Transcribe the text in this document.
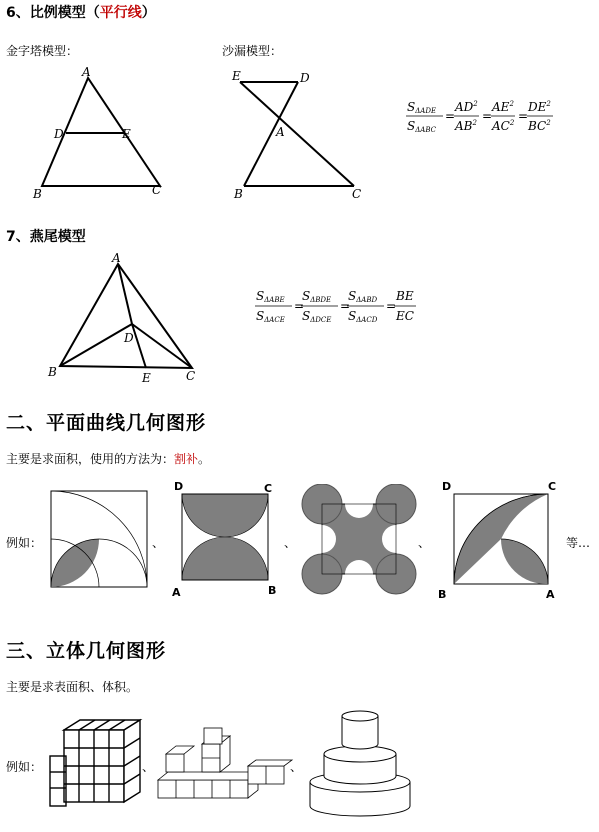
6、比例模型（平行线）
金字塔模型：	沙漏模型：
A
D	E
B	C
E	D
A
B	C
SΔADE
SΔABC
=
$AD^2$
$AB^2$ =
$AE^2$
$AC^2$ =
$DE^2$
$BC^2$
7、燕尾模型
A
D
B	E	C
SΔABE
SΔACE
=
SΔBDE
SΔDCE
=
SΔABD
SΔACD
=
BE
EC
二、平面曲线几何图形
主要是求面积，使用的方法为：割补。
例如：	、
D	C
A	B
、	、
D	C
B	A
等…
三、立体几何图形
主要是求表面积、体积。
例如：	、	、
